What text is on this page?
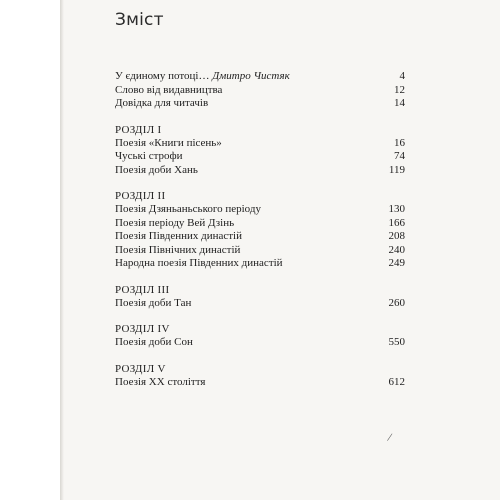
Зміст
У єдиному потоці… Дмитро Чистяк	4
Слово від видавництва	12
Довідка для читачів	14
РОЗДІЛ I
Поезія «Книги пісень»	16
Чуські строфи	74
Поезія доби Хань	119
РОЗДІЛ II
Поезія Дзяньаньського періоду	130
Поезія періоду Вей Дзінь	166
Поезія Південних династій	208
Поезія Північних династій	240
Народна поезія Південних династій	249
РОЗДІЛ III
Поезія доби Тан	260
РОЗДІЛ IV
Поезія доби Сон	550
РОЗДІЛ V
Поезія XX століття	612
/
